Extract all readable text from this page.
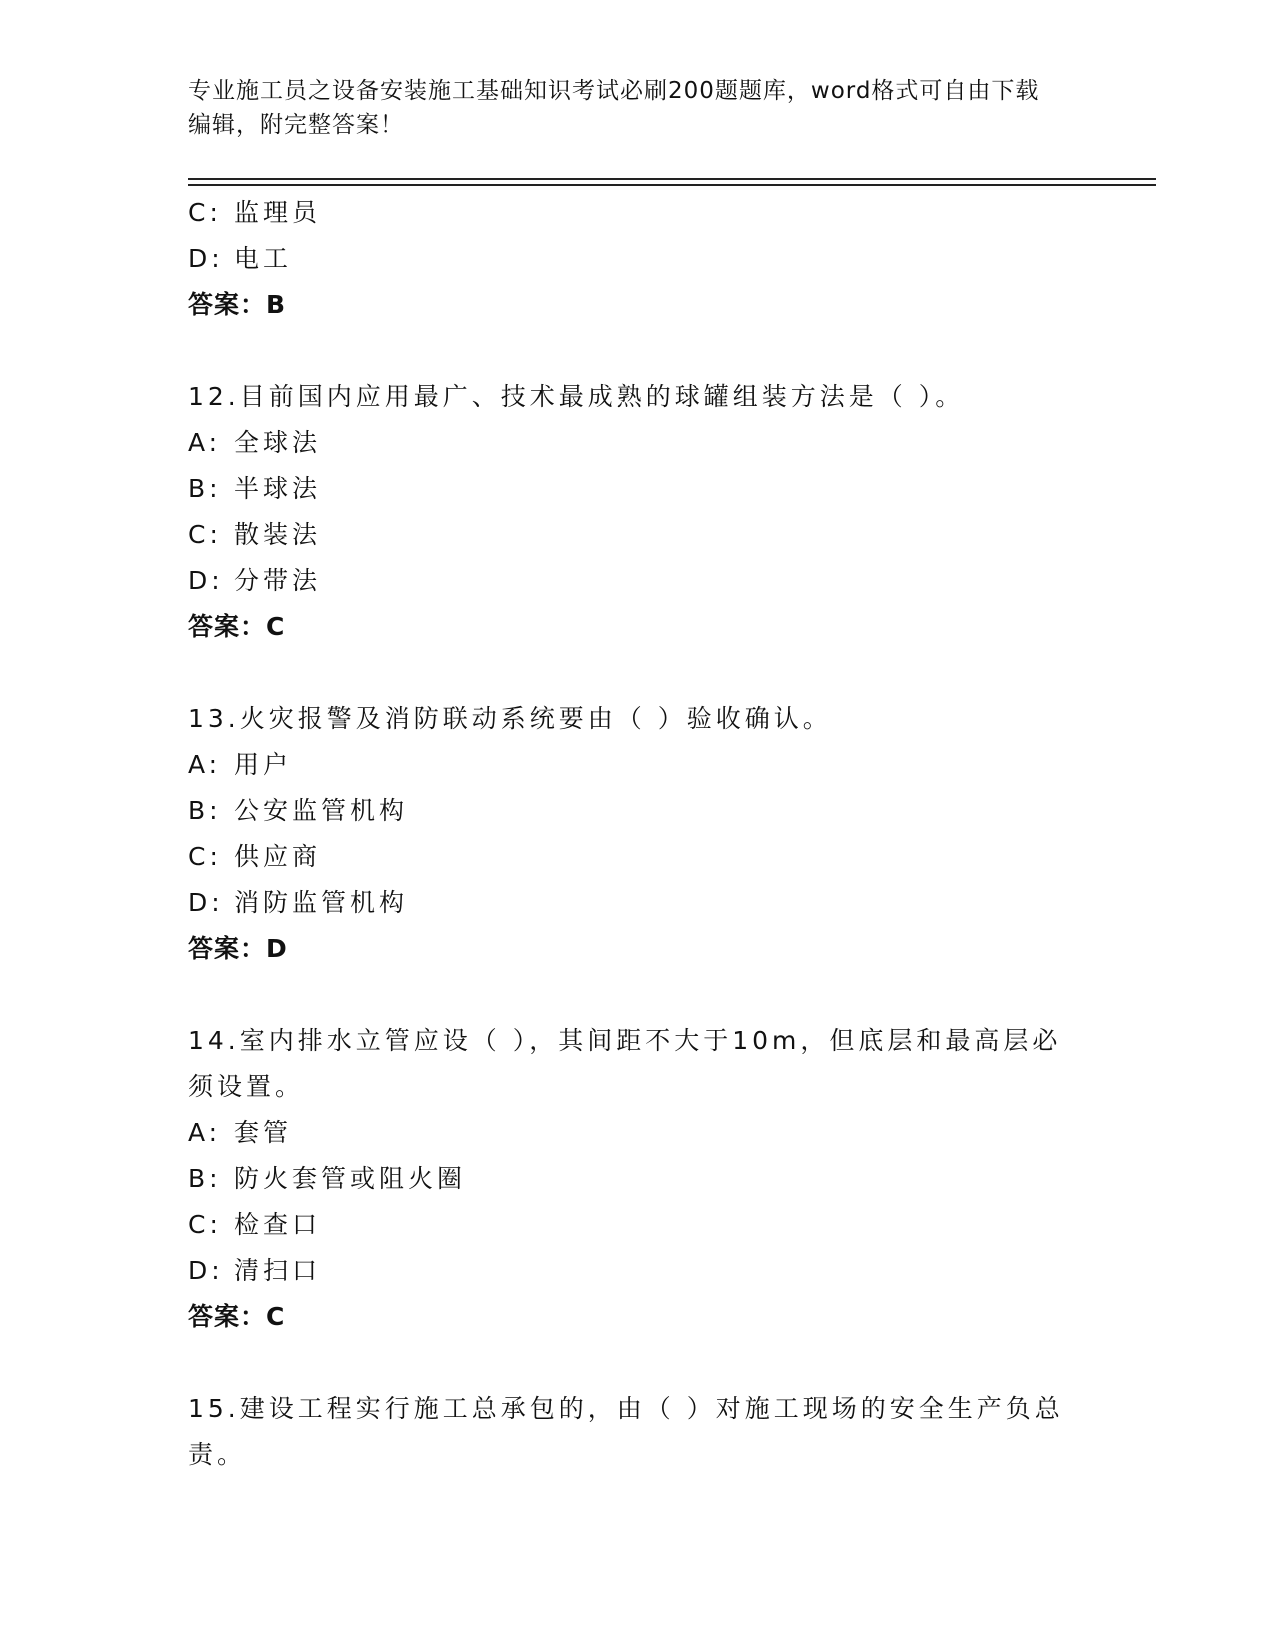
专业施工员之设备安装施工基础知识考试必刷200题题库，word格式可自由下载
编辑，附完整答案！
C: 监理员
D: 电工
答案：B
12.目前国内应用最广、技术最成熟的球罐组装方法是（ ）。
A: 全球法
B: 半球法
C: 散装法
D: 分带法
答案：C
13.火灾报警及消防联动系统要由（ ）验收确认。
A: 用户
B: 公安监管机构
C: 供应商
D: 消防监管机构
答案：D
14.室内排水立管应设（ ），其间距不大于10m，但底层和最高层必须设置。
A: 套管
B: 防火套管或阻火圈
C: 检查口
D: 清扫口
答案：C
15.建设工程实行施工总承包的，由（ ）对施工现场的安全生产负总责。
